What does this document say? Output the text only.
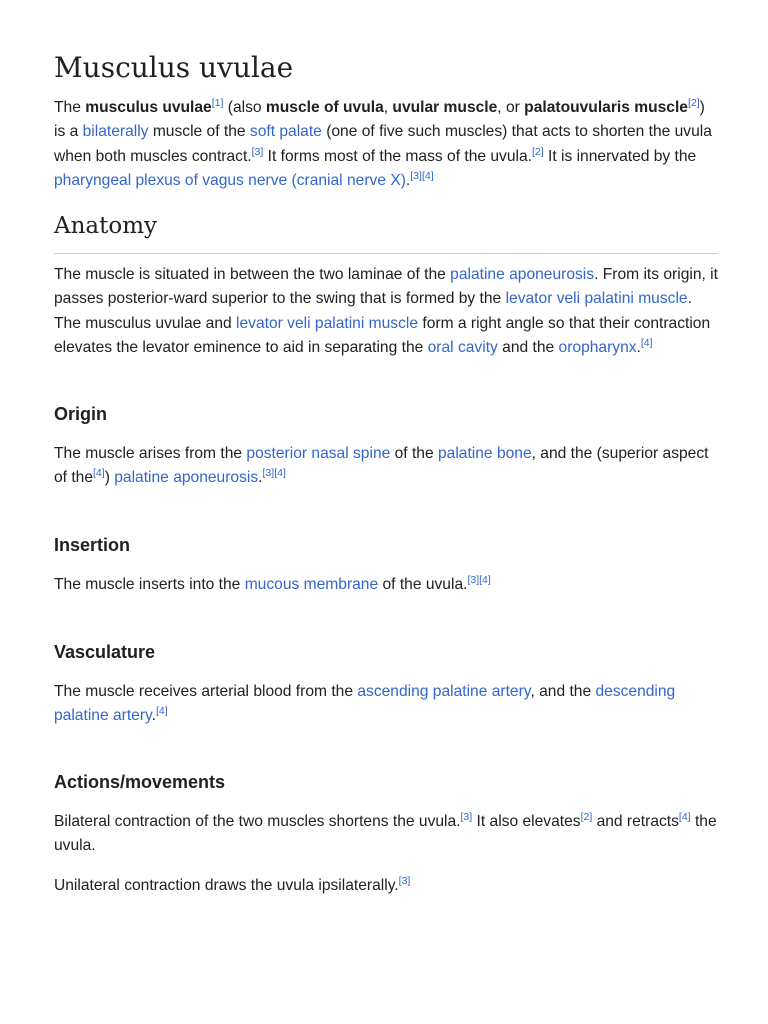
Musculus uvulae

The musculus uvulae[1] (also muscle of uvula, uvular muscle, or palatouvularis muscle[2]) is a bilaterally muscle of the soft palate (one of five such muscles) that acts to shorten the uvula when both muscles contract.[3] It forms most of the mass of the uvula.[2] It is innervated by the pharyngeal plexus of vagus nerve (cranial nerve X).[3][4]

Anatomy

The muscle is situated in between the two laminae of the palatine aponeurosis. From its origin, it passes posterior-ward superior to the swing that is formed by the levator veli palatini muscle. The musculus uvulae and levator veli palatini muscle form a right angle so that their contraction elevates the levator eminence to aid in separating the oral cavity and the oropharynx.[4]

Origin

The muscle arises from the posterior nasal spine of the palatine bone, and the (superior aspect of the[4]) palatine aponeurosis.[3][4]

Insertion

The muscle inserts into the mucous membrane of the uvula.[3][4]

Vasculature

The muscle receives arterial blood from the ascending palatine artery, and the descending palatine artery.[4]

Actions/movements

Bilateral contraction of the two muscles shortens the uvula.[3] It also elevates[2] and retracts[4] the uvula.

Unilateral contraction draws the uvula ipsilaterally.[3]
